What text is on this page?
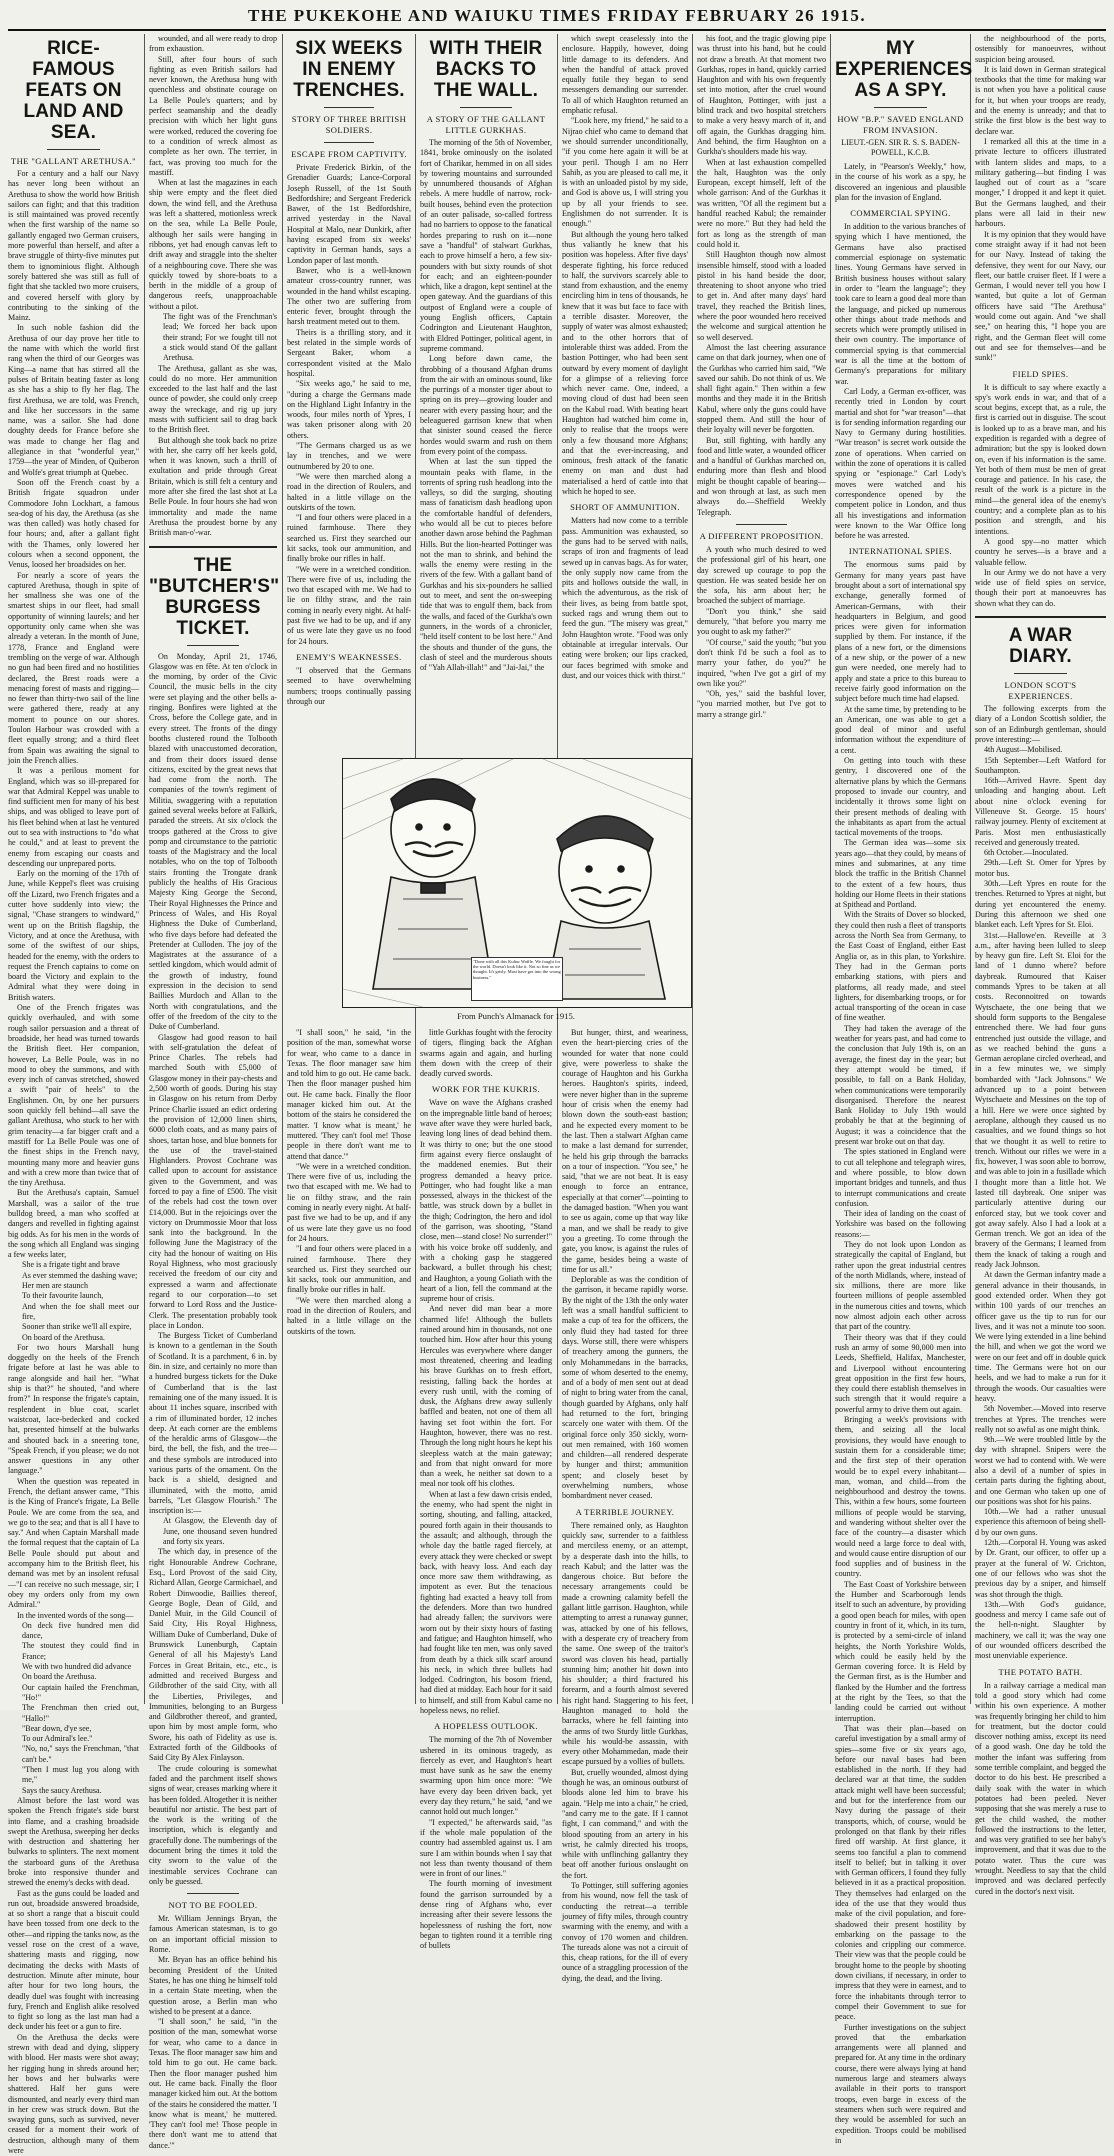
THE PUKEKOHE AND WAIUKU TIMES FRIDAY FEBRUARY 26 1915.
RICE-FAMOUS FEATS ON LAND AND SEA.
THE "GALLANT ARETHUSA."

For a century and a half our Navy has never long been without an Arethusa to show the world how British sailors can fight; and that this tradition is still maintained was proved recently when the first warship of the name so gallantly engaged two German cruisers, more powerful than herself, and after a brave struggle of thirty-five minutes put them to ignominious flight. Although sorely battered she was still as full of fight that she tackled two more cruisers, and covered herself with glory by contributing to the sinking of the Mainz.

In such noble fashion did the Arethusa of our day prove her title to the name with which the world first rang when the third of our Georges was King—a name that has stirred all the pulses of Britain beating faster as long as she has a ship to fly her flag. The first Arethusa, we are told, was French, and like her successors in the same name, was a sailor. She had done doughty deeds for France before she was made to change her flag and allegiance in that "wonderful year," 1759—the year of Minden, of Quiberon and Wolfe's great triumph at Quebec.

Soon off the French coast by a British frigate squadron under Commodore John Lockhart, a famous sea-dog of his day, the Arethusa (as she was then called) was hotly chased for four hours; and, after a gallant fight with the Thames, only lowered her colours when a second opponent, the Venus, loosed her broadsides on her.

For nearly a score of years the captured Arethusa, though in spite of her smallness she was one of the smartest ships in our fleet, had small opportunity of winning laurels; and her opportunity only came when she was already a veteran. In the month of June, 1778, France and England were trembling on the verge of war. Although no gun had been fired and no hostilities declared, the Brest roads were a menacing forest of masts and rigging—no fewer than thirty-two sail of the line were gathered there, ready at any moment to pounce on our shores. Toulon Harbour was crowded with a fleet equally strong; and a third fleet from Spain was awaiting the signal to join the French allies.

It was a perilous moment for England, which was so ill-prepared for war that Admiral Keppel was unable to find sufficient men for many of his best ships, and was obliged to leave port of his fleet behind when at last he ventured out to sea with instructions to "do what he could," and at least to prevent the enemy from escaping our coasts and descending our unprepared ports.

Early on the morning of the 17th of June, while Keppel's fleet was cruising off the Lizard, two French frigates and a cutter hove suddenly into view; the signal, "Chase strangers to windward," went up on the British flagship, the Victory, and at once the Arethusa, with some of the swiftest of our ships, headed for the enemy, with the orders to request the French captains to come on board the Victory and explain to the Admiral what they were doing in British waters.

One of the French frigates was quickly overhauled, and with some rough sailor persuasion and a threat of broadside, her head was turned towards the British fleet. Her companion, however, La Belle Poule, was in no mood to obey the summons, and with every inch of canvas stretched, showed a swift "pair of heels" to the Englishmen. On, by one her pursuers soon quickly fell behind—all save the gallant Arethusa, who stuck to her with grim tenacity—a far bigger craft and a mastiff for La Belle Poule was one of the finest ships in the French navy, mounting many more and heavier guns and with a crew more than twice that of the tiny Arethusa.

But the Arethusa's captain, Samuel Marshall, was a sailor of the true bulldog breed, a man who scoffed at dangers and revelled in fighting against big odds. As for his men in the words of the song which all England was singing a few weeks later,

She is a frigate tight and brave

As ever stemmed the dashing wave;

Her men are staunch

To their favourite launch,

And when the foe shall meet our fire,

Sooner than strike we'll all expire,

On board of the Arethusa.

For two hours Marshall hung doggedly on the heels of the French frigate before at last he was able to range alongside and hail her. "What ship is that?" he shouted, "and where from?" In response the frigate's captain, resplendent in blue coat, scarlet waistcoat, lace-bedecked and cocked hat, presented himself at the bulwarks and shouted back in a sneering tone, "Speak French, if you please; we do not answer questions in any other language."

When the question was repeated in French, the defiant answer came, "This is the King of France's frigate, La Belle Poule. We are come from the sea, and we go to the sea; and that is all I have to say." And when Captain Marshall made the formal request that the captain of La Belle Poule should put about and accompany him to the British fleet, his demand was met by an insolent refusal—"I can receive no such message, sir; I obey my orders only from my own Admiral."

In the invented words of the song—

On deck five hundred men did dance,

The stoutest they could find in France;

We with two hundred did advance

On board the Arethusa.

Our captain hailed the Frenchman, "Ho!"

The Frenchman then cried out, "Hallo!"

"Bear down, d'ye see,

To our Admiral's lee."

"No, no," says the Frenchman, "that can't be."

"Then I must lug you along with me,"

Says the saucy Arethusa.

Almost before the last word was spoken the French frigate's side burst into flame, and a crashing broadside swept the Arethusa, sweeping her decks with destruction and shattering her bulwarks to splinters. The next moment the starboard guns of the Arethusa broke into responsive thunder and strewed the enemy's decks with dead.

Fast as the guns could be loaded and run out, broadside answered broadside, at so short a range that a biscuit could have been tossed from one deck to the other—and ripping the tanks now, as the vessel rose on the crest of a wave, shattering masts and rigging, now decimating the decks with Masts of destruction. Minute after minute, hour after hour for two long hours, the deadly duel was fought with increasing fury, French and English alike resolved to fight so long as the last man had a deck under his feet or a gun to fire.

On the Arethusa the decks were strewn with dead and dying, slippery with blood. Her masts were shot away; her rigging hung in shreds around her; her bows and her bulwarks were shattered. Half her guns were dismounted, and nearly every third man in her crew was struck down. But the swaying guns, such as survived, never ceased for a moment their work of destruction, although many of them were

wounded, and all were ready to drop from exhaustion.

Still, after four hours of such fighting as even British sailors had never known, the Arethusa hung with quenchless and obstinate courage on La Belle Poule's quarters; and by perfect seamanship and the deadly precision with which her light guns were worked, reduced the covering foe to a condition of wreck almost as complete as her own. The terrier, in fact, was proving too much for the mastiff.

When at last the magazines in each ship were empty and the fleet died down, the wind fell, and the Arethusa was left a shattered, motionless wreck on the sea, while La Belle Poule, although her sails were hanging in ribbons, yet had enough canvas left to drift away and straggle into the shelter of a neighbouring cove. There she was quickly towed by shore-boats to a berth in the middle of a group of dangerous reefs, unapproachable without a pilot.

The fight was of the Frenchman's lead; We forced her back upon their strand; For we fought till not a stick would stand Of the gallant Arethusa.

The Arethusa, gallant as she was, could do no more. Her ammunition exceeded to the last half and the last ounce of powder, she could only creep away the wreckage, and rig up jury masts with sufficient sail to drag back to the British fleet.

But although she took back no prize with her, she carry off her keels gold, when it was known, such a thrill of exultation and pride through Great Britain, which is still felt a century and more after she fired the last shot at La Belle Poule. In four hours she had won immortality and made the name Arethusa the proudest borne by any British man-o'-war.

THE "BUTCHER'S" BURGESS TICKET.

On Monday, April 21, 1746, Glasgow was en fête. At ten o'clock in the morning, by order of the Civic Council, the music bells in the city were set playing and the other bells a-ringing. Bonfires were lighted at the Cross, before the College gate, and in every street. The fronts of the dingy booths clustered round the Tolbooth blazed with unaccustomed decoration, and from their doors issued dense citizens, excited by the great news that had come from the north. The companies of the town's regiment of Militia, swaggering with a reputation gained several weeks before at Falkirk, paraded the streets. At six o'clock the troops gathered at the Cross to give pomp and circumstance to the patriotic toasts of the Magistracy and the local notables, who on the top of Tolbooth stairs fronting the Trongate drank publicly the healths of His Gracious Majesty King George the Second, Their Royal Highnesses the Prince and Princess of Wales, and His Royal Highness the Duke of Cumberland, who five days before had defeated the Pretender at Culloden. The joy of the Magistrates at the assurance of a settled kingdom, which would admit of the growth of industry, found expression in the decision to send Baillies Murdoch and Allan to the North with congratulations, and the offer of the freedom of the city to the Duke of Cumberland.

Glasgow had good reason to hail with self-gratulation the defeat of Prince Charles. The rebels had marched South with £5,000 of Glasgow money in their pay-chests and 2,500 worth of goods. During his stay in Glasgow on his return from Derby Prince Charlie issued an edict ordering the provision of 12,000 linen shirts, 6000 cloth coats, and as many pairs of shoes, tartan hose, and blue bonnets for the use of the travel-stained Highlanders. Provost Cochrane was called upon to account for assistance given to the Government, and was forced to pay a fine of £500. The visit of the rebels had cost the town over £14,000. But in the rejoicings over the victory on Drummossie Moor that loss sank into the background. In the following June the Magistracy of the city had the honour of waiting on His Royal Highness, who most graciously received the freedom of our city and expressed a warm and affectionate regard to our corporation—to set forward to Lord Ross and the Justice-Clerk. The presentation probably took place in London.

The Burgess Ticket of Cumberland is known to a gentleman in the South of Scotland. It is a parchment, 6 in. by 8in. in size, and certainly no more than a hundred burgess tickets for the Duke of Cumberland that is the last remaining one of the many issued. It is about 11 inches square, inscribed with a rim of illuminated border, 12 inches deep. At each corner are the emblems of the heraldic arms of Glasgow—the bird, the bell, the fish, and the tree—and these symbols are introduced into various parts of the ornament. On the back is a shield, designed and illuminated, with the motto, amid barrels, "Let Glasgow Flourish." The inscription is:—

At Glasgow, the Eleventh day of June, one thousand seven hundred and forty six years.

The which day, in presence of the right Honourable Andrew Cochrane, Esq., Lord Provost of the said City, Richard Allan, George Carmichael, and Robert Dinwoodie, Baillies thereof, George Bogle, Dean of Gild, and Daniel Muir, in the Gild Council of Said City, His Royal Highness, William Duke of Cumberland, Duke of Brunswick Lunenburgh, Captain General of all his Majesty's Land Forces in Great Britain, etc., etc., is admitted and received Burgess and Gildbrother of the said City, with all the Liberties, Privileges, and Immunities, belonging to an Burgess and Gildbrother thereof, and granted, upon him by most ample form, who Swore, his oath of Fidelity as use is. Extracted forth of the Gildbooks of Said City By Alex Finlayson.

The crude colouring is somewhat faded and the parchment itself shows signs of wear, creases marking where it has been folded. Altogether it is neither beautiful nor artistic. The best part of the work is the writing of the inscription, which is elegantly and gracefully done. The numberings of the document bring the times it told the city sworn to the value of the inestimable services Cochrane can only be guessed.

NOT TO BE FOOLED.

Mr. William Jennings Bryan, the famous American statesman, is to go on an important official mission to Rome.

Mr. Bryan has an office behind his becoming President of the United States, he has one thing he himself told in a certain State meeting, when the question arose, a Berlin man who wished to be present at a dance.

"I shall soon," he said, "in the position of the man, somewhat worse for wear, who came to a dance in Texas. The floor manager saw him and told him to go out. He came back. Then the floor manager pushed him out. He came back. Finally the floor manager kicked him out. At the bottom of the stairs he considered the matter. 'I know what is meant,' he muttered. 'They can't fool me! Those people in there don't want me to attend that dance.'"

SIX WEEKS IN ENEMY TRENCHES.
STORY OF THREE BRITISH SOLDIERS.
ESCAPE FROM CAPTIVITY.

Private Frederick Birkin, of the Grenadier Guards; Lance-Corporal Joseph Russell, of the 1st South Bedfordshire; and Sergeant Frederick Bawer, of the 1st Bedfordshire, arrived yesterday in the Naval Hospital at Malo, near Dunkirk, after having escaped from six weeks' captivity in German hands, says a London paper of last month.

Bawer, who is a well-known amateur cross-country runner, was wounded in the hand whilst escaping. The other two are suffering from enteric fever, brought through the harsh treatment meted out to them.

Theirs is a thrilling story, and it best related in the simple words of Sergeant Baker, whom a correspondent visited at the Malo hospital.

"Six weeks ago," he said to me, "during a charge the Germans made on the Highland Light Infantry in the woods, four miles north of Ypres, I was taken prisoner along with 20 others.

"The Germans charged us as we lay in trenches, and we were outnumbered by 20 to one.

"We were then marched along a road in the direction of Roulers, and halted in a little village on the outskirts of the town.

"I and four others were placed in a ruined farmhouse. There they searched us. First they searched our kit sacks, took our ammunition, and finally broke our rifles in half.

"We were in a wretched condition. There were five of us, including the two that escaped with me. We had to lie on filthy straw, and the rain coming in nearly every night. At half-past five we had to be up, and if any of us were late they gave us no food for 24 hours.

ENEMY'S WEAKNESSES.

"I observed that the Germans seemed to have overwhelming numbers; troops continually passing through our

"I shall soon," he said, "in the position of the man, somewhat worse for wear, who came to a dance in Texas. The floor manager saw him and told him to go out. He came back. Then the floor manager pushed him out. He came back. Finally the floor manager kicked him out. At the bottom of the stairs he considered the matter. 'I know what is meant,' he muttered. 'They can't fool me! Those people in there don't want me to attend that dance.'"

"We were in a wretched condition. There were five of us, including the two that escaped with me. We had to lie on filthy straw, and the rain coming in nearly every night. At half-past five we had to be up, and if any of us were late they gave us no food for 24 hours.

"I and four others were placed in a ruined farmhouse. There they searched us. First they searched our kit sacks, took our ammunition, and finally broke our rifles in half.

"We were then marched along a road in the direction of Roulers, and halted in a little village on the outskirts of the town.

WITH THEIR BACKS TO THE WALL.
A STORY OF THE GALLANT LITTLE GURKHAS.

The morning of the 5th of November, 1841, broke ominously on the isolated fort of Charikar, hemmed in on all sides by towering mountains and surrounded by unnumbered thousands of Afghan rebels. A mere huddle of narrow, rock-built houses, behind even the protection of an outer palisade, so-called fortress had no barriers to oppose to the fanatical hordes preparing to rush on it—none save a "handful" of stalwart Gurkhas, each to prove himself a hero, a few six-pounders with but sixty rounds of shot for each; and an eighteen-pounder which, like a dragon, kept sentinel at the open gateway. And the guardians of this outpost of England were a couple of young English officers, Captain Codrington and Lieutenant Haughton, with Eldred Pottinger, political agent, in supreme command.

Long before dawn came, the throbbing of a thousand Afghan drums from the air with an ominous sound, like the purrings of a monster tiger about to spring on its prey—growing louder and nearer with every passing hour; and the beleaguered garrison knew that when that sinister sound ceased the fierce hordes would swarm and rush on them from every point of the compass.

When at last the sun tipped the mountain peaks with flame, in the torrents of spring rush headlong into the valleys, so did the surging, shouting mass of fanaticism dash headlong upon the comfortable handful of defenders, who would all be cut to pieces before another dawn arose behind the Paghman Hills. But the lion-hearted Pottinger was not the man to shrink, and behind the walls the enemy were resting in the rivers of the few. With a gallant band of Gurkhas and his six-pounders he sallied out to meet, and sent the on-sweeping tide that was to engulf them, back from the walls, and faced of the Gurkha's own gunners, in the words of a chronicler, "held itself content to be lost here." And the shouts and thunder of the guns, the clash of steel and the murderous shouts of "Yah Allah-illah!" and "Jai-Jai," the

little Gurkhas fought with the ferocity of tigers, flinging back the Afghan swarms again and again, and hurling them down with the creep of their deadly curved swords.

WORK FOR THE KUKRIS.

Wave on wave the Afghans crashed on the impregnable little band of heroes; wave after wave they were hurled back, leaving long lines of dead behind them. It was thirty to one; but the one stood firm against every fierce onslaught of the maddened enemies. But their progress demanded a heavy price. Pottinger, who had fought like a man possessed, always in the thickest of the battle, was struck down by a bullet in the thigh; Codrington, the hero and idol of the garrison, was shooting, "Stand close, men—stand close! No surrender!" with his voice broke off suddenly, and with a choking gasp he staggered backward, a bullet through his chest; and Haughton, a young Goliath with the heart of a lion, fell the command at the supreme hour of crisis.

And never did man bear a more charmed life! Although the bullets rained around him in thousands, not one touched him. How after hour this young Hercules was everywhere where danger most threatened, cheering and leading his brave Gurkhas on to fresh effort, resisting, falling back the hordes at every rush until, with the coming of dusk, the Afghans drew away sullenly baffled and beaten, not one of them all having set foot within the fort. For Haughton, however, there was no rest. Through the long night hours he kept his sleepless watch at the main gateway; and from that night onward for more than a week, he neither sat down to a meal nor took off his clothes.

When at last a few dawn crisis ended, the enemy, who had spent the night in sorting, shouting, and falling, attacked, poured forth again in their thousands to the assault; and although, through the whole day the battle raged fiercely, at every attack they were checked or swept back, with heavy loss. And each day once more saw them withdrawing, as impotent as ever. But the tenacious fighting had exacted a heavy toll from the defenders. More than two hundred had already fallen; the survivors were worn out by their sixty hours of fasting and fatigue; and Haughton himself, who had fought like ten men, was only saved from death by a thick silk scarf around his neck, in which three bullets had lodged. Codrington, his bosom friend, had died at midday. Each hour for it said to himself, and still from Kabul came no hopeless news, no relief.

A HOPELESS OUTLOOK.

The morning of the 7th of November ushered in its ominous tragedy, as fiercely as ever, and Haughton's heart must have sunk as he saw the enemy swarming upon him once more: "We have every day been driven back, yet every day they return," he said, "and we cannot hold out much longer."

"I expected," he afterwards said, "as if the whole male population of the country had assembled against us. I am sure I am within bounds when I say that not less than twenty thousand of them were in front of our lines."

The fourth morning of investment found the garrison surrounded by a dense ring of Afghans who, ever increasing after their severe lessons the hopelessness of rushing the fort, now began to tighten round it a terrible ring of bullets

which swept ceaselessly into the enclosure. Happily, however, doing little damage to its defenders. And when the handful of attack proved equally futile they began to send messengers demanding our surrender. To all of which Haughton returned an emphatic refusal.

"Look here, my friend," he said to a Nijrao chief who came to demand that we should surrender unconditionally, "if you come here again it will be at your peril. Though I am no Herr Sahib, as you are pleased to call me, it is with an unloaded pistol by my side, and God is above us, I will string you up by all your friends to see. Englishmen do not surrender. It is enough."

But although the young hero talked thus valiantly he knew that his position was hopeless. After five days' desperate fighting, his force reduced to half, the survivors scarcely able to stand from exhaustion, and the enemy encircling him in tens of thousands, he knew that it was but face to face with a terrible disaster. Moreover, the supply of water was almost exhausted; and to the other horrors that of intolerable thirst was added. From the bastion Pottinger, who had been sent outward by every moment of daylight for a glimpse of a relieving force which never came. One, indeed, a moving cloud of dust had been seen on the Kabul road. With beating heart Haughton had watched him come in, only to realise that the troops were only a few thousand more Afghans; and that the ever-increasing, and ominous, fresh attack of the fanatic enemy on man and dust had materialised a herd of cattle into that which he hoped to see.

SHORT OF AMMUNITION.

Matters had now come to a terrible pass. Ammunition was exhausted, so the guns had to be served with nails, scraps of iron and fragments of lead sewed up in canvas bags. As for water, the only supply now came from the pits and hollows outside the wall, in which the adventurous, as the risk of their lives, as being from battle spot, sucked rags and wrung them out to feed the gun. "The misery was great," John Haughton wrote. "Food was only obtainable at irregular intervals. Our eating were broken; our lips cracked, our faces begrimed with smoke and dust, and our voices thick with thirst."

But hunger, thirst, and weariness, even the heart-piercing cries of the wounded for water that none could give, were powerless to shake the courage of Haughton and his Gurkha heroes. Haughton's spirits, indeed, were never higher than in the supreme hour of crisis when the enemy had blown down the south-east bastion; and he expected every moment to be the last. Then a stalwart Afghan came to make a last demand for surrender, he held his grip through the barracks on a tour of inspection. "You see," he said, "that we are not beat. It is easy enough to force an entrance, especially at that corner"—pointing to the damaged bastion. "When you want to see us again, come up that way like a man, and we shall be ready to give you a greeting. To come through the gate, you know, is against the rules of the game, besides being a waste of time for us all."

Deplorable as was the condition of the garrison, it became rapidly worse. By the night of the 13th the only water left was a small handful sufficient to make a cup of tea for the officers, the only fluid they had tasted for three days. Worse still, there were whispers of treachery among the gunners, the only Mohammedans in the barracks, some of whom deserted to the enemy, and of a body of men sent out at dead of night to bring water from the canal, though guarded by Afghans, only half had returned to the fort, bringing scarcely one water with them. Of the original force only 350 sickly, worn-out men remained, with 160 women and children—all rendered desperate by hunger and thirst; ammunition spent; and closely beset by overwhelming numbers, whose bombardment never ceased.

A TERRIBLE JOURNEY.

There remained only, as Haughton quickly saw, surrender to a faithless and merciless enemy, or an attempt, by a desperate dash into the hills, to reach Kabul; and the latter was the dangerous choice. But before the necessary arrangements could be made a crowning calamity befell the gallant little garrison. Haughton, while attempting to arrest a runaway gunner, was, attacked by one of his fellows, with a desperate cry of treachery from the same. One sweep of the traitor's sword was cloven his head, partially stunning him; another hit down into his shoulder; a third fractured his forearm, and a fourth almost severed his right hand. Staggering to his feet, Haughton managed to hold the barracks, where he fell fainting into the arms of two Sturdy little Gurkhas, while his would-be assassin, with every other Mohammedan, made their escape pursued by a vollies of bullets.

But, cruelly wounded, almost dying though he was, an ominous outburst of bloods alone led him to brave his again. "Help me into a chair," he cried, "and carry me to the gate. If I cannot fight, I can command," and with the blood spouting from an artery in his wrist, he calmly directed his troops, while with unflinching gallantry they beat off another furious onslaught on the fort.

To Pottinger, still suffering agonies from his wound, now fell the task of conducting the retreat—a terrible journey of fifty miles, through country swarming with the enemy, and with a convoy of 170 women and children. The tureads alone was not a circuit of this, cheap rations, for the ill of every ounce of a straggling procession of the dying, the dead, and the living.

his foot, and the tragic glowing pipe was thrust into his hand, but he could not draw a breath. At that moment two Gurkhas, ropes in hand, quickly carried Haughton and with his own frequently set into motion, after the cruel wound of Haughton, Pottinger, with just a blind track and two hospital stretchers to make a very heavy march of it, and off again, the Gurkhas dragging him. And behind, the firm Haughton on a Gurkha's shoulders made his way.

When at last exhaustion compelled the halt, Haughton was the only European, except himself, left of the whole garrison: And of the Gurkhas it was written, "Of all the regiment but a handful reached Kabul; the remainder were no more." But they had held the fort as long as the strength of man could hold it.

Still Haughton though now almost insensible himself, stood with a loaded pistol in his hand beside the door, threatening to shoot anyone who tried to get in. And after many days' hard travel, they reached the British lines, where the poor wounded hero received the welcome and surgical attention he so well deserved.

Almost the last cheering assurance came on that dark journey, when one of the Gurkhas who carried him said, "We saved our sahib. Do not think of us. We shall fight again." Then within a few months and they made it in the British Kabul, where only the guns could have stopped them. And still the hour of their loyalty will never be forgotten.

But, still fighting, with hardly any food and little water, a wounded officer and a handful of Gurkhas marched on, enduring more than flesh and blood might be thought capable of bearing—and won through at last, as such men always do.—Sheffield Weekly Telegraph.

A DIFFERENT PROPOSITION.

A youth who much desired to wed the professional girl of his heart, one day screwed up courage to pop the question. He was seated beside her on the sofa, his arm about her; he broached the subject of marriage.

"Don't you think," she said demurely, "that before you marry me you ought to ask my father?"

"Of course," said the youth; "but you don't think I'd be such a fool as to marry your father, do you?" he inquired, "when I've got a girl of my own like you?"

"Oh, yes," said the bashful lover, "you married mother, but I've got to marry a strange girl."

MY EXPERIENCES AS A SPY.
HOW "B.P." SAVED ENGLAND FROM INVASION.
LIEUT.-GEN. SIR R. S. S. BADEN-POWELL, K.C.B.

Lately, in "Pearson's Weekly," how, in the course of his work as a spy, he discovered an ingenious and plausible plan for the invasion of England.

COMMERCIAL SPYING.

In addition to the various branches of spying which I have mentioned, the Germans have also practised commercial espionage on systematic lines. Young Germans have served in British business houses without salary in order to "learn the language"; they took care to learn a good deal more than the language, and picked up numerous other things about trade methods and secrets which were promptly utilised in their own country. The importance of commercial spying is that commercial war is all the time at the bottom of Germany's preparations for military war.

Carl Lody, a German ex-officer, was recently tried in London by court martial and shot for "war treason"—that is for sending information regarding our Navy to Germany during hostilities. "War treason" is secret work outside the zone of operations. When carried on within the zone of operations it is called spying or "espionage." Carl Lody's moves were watched and his correspondence opened by the competent police in London, and thus all his investigations and information were known to the War Office long before he was arrested.

INTERNATIONAL SPIES.

The enormous sums paid by Germany for many years past have brought about a sort of international spy exchange, generally formed of American-Germans, with their headquarters in Belgium, and good prices were given for information supplied by them. For instance, if the plans of a new fort, or the dimensions of a new ship, or the power of a new gun were needed, one merely had to apply and state a price to this bureau to receive fairly good information on the subject before much time had elapsed.

At the same time, by pretending to be an American, one was able to get a good deal of minor and useful information without the expenditure of a cent.

On getting into touch with these gentry, I discovered one of the alternative plans by which the Germans proposed to invade our country, and incidentally it throws some light on their present methods of dealing with the inhabitants as apart from the actual tactical movements of the troops.

The German idea was—some six years ago—that they could, by means of mines and submarines, at any time block the traffic in the British Channel to the extent of a few hours, thus holding our Home fleets in their stations at Spithead and Portland.

With the Straits of Dover so blocked, they could then rush a fleet of transports across the North Sea from Germany, to the East Coast of England, either East Anglia or, as in this plan, to Yorkshire. They had in the German ports embarking stations, with piers and platforms, all ready made, and steel lighters, for disembarking troops, or for actual transporting of the ocean in case of fine weather.

They had taken the average of the weather for years past, and had come to the conclusion that July 19th is, on an average, the finest day in the year; but they attempt would be timed, if possible, to fall on a Bank Holiday, when communications were temporarily disorganised. Therefore the nearest Bank Holiday to July 19th would probably be that at the beginning of August; it was a coincidence that the present war broke out on that day.

The spies stationed in England were to cut all telephone and telegraph wires, and where possible, to blow down important bridges and tunnels, and thus to interrupt communications and create confusion.

Their idea of landing on the coast of Yorkshire was based on the following reasons:—

They do not look upon London as strategically the capital of England, but rather upon the great industrial centres of the north Midlands, where, instead of six millions, there are more like fourteen millions of people assembled in the numerous cities and towns, which now almost adjoin each other across that part of the country.

Their theory was that if they could rush an army of some 90,000 men into Leeds, Sheffield, Halifax, Manchester, and Liverpool without encountering great opposition in the first few hours, they could there establish themselves in such strength that it would require a powerful army to drive them out again.

Bringing a week's provisions with them, and seizing all the local provisions, they would have enough to sustain them for a considerable time; and the first step of their operation would be to expel every inhabitant—man, woman, and child—from the neighbourhood and destroy the towns. This, within a few hours, some fourteen millions of people would be starving, and wandering without shelter over the face of the country—a disaster which would need a large force to deal with, and would cause entire disruption of our food supplies and of business in the country.

The East Coast of Yorkshire between the Humber and Scarborough lends itself to such an adventure, by providing a good open beach for miles, with open country in front of it, which, in its turn, is protected by a semi-circle of inland heights, the North Yorkshire Wolds, which could be easily held by the German covering force. It is Held by the German first, as is the Humber and flanked by the Humber and the fortress at the right by the Tees, so that the landing could be carried out without interruption.

That was their plan—based on careful investigation by a small army of spies—some five or six years ago, before our naval bases had been established in the north. If they had declared war at that time, the sudden attack might well have been successful; and but for the interference from our Navy during the passage of their transports, which, of course, would be prolonged on that flank by their rifles fired off warship. At first glance, it seems too fanciful a plan to commend itself to belief; but in talking it over with German officers, I found they fully believed in it as a practical proposition. They themselves had enlarged on the idea of the use that they would thus make of the civil population, and fore-shadowed their present hostility by embarking on the passage to the colonies and crippling our commerce. Their view was that the people could be brought home to the people by shooting down civilians, if necessary, in order to impress that they were in earnest, and to force the inhabitants through terror to compel their Government to sue for peace.

Further investigations on the subject proved that the embarkation arrangements were all planned and prepared for. At any time in the ordinary course, there were always lying at hand numerous large and steamers always available in their ports to transport troops, even barge in excess of the steamers when such were required and they would be assembled for such an expedition. Troops could be mobilised in

the neighbourhood of the ports, ostensibly for manoeuvres, without suspicion being aroused.

It is laid down in German strategical textbooks that the time for making war is not when you have a political cause for it, but when your troops are ready, and the enemy is unready; and that to strike the first blow is the best way to declare war.

I remarked all this at the time in a private lecture to officers illustrated with lantern slides and maps, to a military gathering—but finding I was laughed out of court as a "scare monger," I dropped it and kept it quiet. But the Germans laughed, and their plans were all laid in their new harbours.

It is my opinion that they would have come straight away if it had not been for our Navy. Instead of taking the defensive, they went for our Navy, our fleet, our battle cruiser fleet. If I were a German, I would never tell you how I wanted, but quite a lot of German officers have said "The Arethusa" would come out again. And "we shall see," on hearing this, "I hope you are right, and the German fleet will come out and see for themselves—and be sunk!"

FIELD SPIES.

It is difficult to say where exactly a spy's work ends in war, and that of a scout begins, except that, as a rule, the first is carried out in disguise. The scout is looked up to as a brave man, and his expedition is regarded with a degree of admiration; but the spy is looked down on, even if his information is the same. Yet both of them must be men of great courage and patience. In his case, the result of the work is a picture in the mind—the general idea of the enemy's country; and a complete plan as to his position and strength, and his intentions.

A good spy—no matter which country he serves—is a brave and a valuable fellow.

In our Army we do not have a very wide use of field spies on service, though their port at manoeuvres has shown what they can do.

A WAR DIARY.
LONDON SCOT'S EXPERIENCES.

The following excerpts from the diary of a London Scottish soldier, the son of an Edinburgh gentleman, should prove interesting:—

4th August—Mobilised.

15th September—Left Watford for Southampton.

16th—Arrived Havre. Spent day unloading and hanging about. Left about nine o'clock evening for Villeneuve St. George. 15 hours' railway journey. Plenty of excitement at Paris. Most men enthusiastically received and generously treated.

6th October.—Inoculated.

29th.—Left St. Omer for Ypres by motor bus.

30th.—Left Ypres en route for the trenches. Returned to Ypres at night, but during yet encountered the enemy. During this afternoon we shed one blanket each. Left Ypres for St. Eloi.

31st.—Hallowe'en. Reveille at 3 a.m., after having been lulled to sleep by heavy gun fire. Left St. Eloi for the land of 1 dunno where? before daybreak. Rumoured that Kaiser commands Ypres to be taken at all costs. Reconnoitred on towards Wytschaete, the one being that we should form supports to the Bengalese entrenched there. We had four guns entrenched just outside the village, and as we reached behind the guns a German aeroplane circled overhead, and in a few minutes we, we simply bombarded with "Jack Johnsons." We advanced up to a point between Wytschaete and Messines on the top of a hill. Here we were once sighted by aeroplane, although they caused us no casualties, and we found things so hot that we thought it as well to retire to trench. Without our rifles we were in a fix, however, I was soon able to borrow, and was able to join in a fusillade which I thought more than a little hot. We lasted till daybreak. One sniper was particularly attentive during our enforced stay, but we took cover and got away safely. Also I had a look at a German trench. We got an idea of the bravery of the Germans; I learned from them the knack of taking a rough and ready Jack Johnson.

At dawn the German infantry made a general advance in their thousands, in good extended order. When they got within 100 yards of our trenches an officer gave us the tip to run for our lives, and it was not a minute too soon. We were lying extended in a line behind the hill, and when we got the word we were on our feet and off in double quick time. The Germans were hot on our heels, and we had to make a run for it through the woods. Our casualties were heavy.

5th November.—Moved into reserve trenches at Ypres. The trenches were really not so awful as one might think.

9th.—We were troubled little by the day with shrapnel. Snipers were the worst we had to contend with. We were also a devil of a number of spies in certain parts during the fighting about, and one German who taken up one of our positions was shot for his pains.

10th.—We had a rather unusual experience this afternoon of being shell-d by our own guns.

12th.—Corporal H. Young was asked by Dr. Grant, our officer, to offer up a prayer at the funeral of W. Crichton, one of our fellows who was shot the previous day by a sniper, and himself was shot through the thigh.

13th.—With God's guidance, goodness and mercy I came safe out of the hell-n-night. Slaughter by machinery, we call it; was the way one of our wounded officers described the most unenviable experience.

THE POTATO BATH.

In a railway carriage a medical man told a good story which had come within his own experience. A mother was frequently bringing her child to him for treatment, but the doctor could discover nothing amiss, except its need of a good wash. One day he told the mother the infant was suffering from some terrible complaint, and begged the doctor to do his best. He prescribed a daily soak with the water in which potatoes had been peeled. Never supposing that she was merely a ruse to get the child washed, the mother followed the instructions to the letter, and was very gratified to see her baby's improvement, and that it was due to the potato water. Thus the cure was wrought. Needless to say that the child improved and was declared perfectly cured in the doctor's next visit.

"Done with all this Kultur Waffle. We fought for the world. Doesn't look like it. Not so fine as we thought. It's grisly. Must have got into the wrong business."
From Punch's Almanack for 1915.
